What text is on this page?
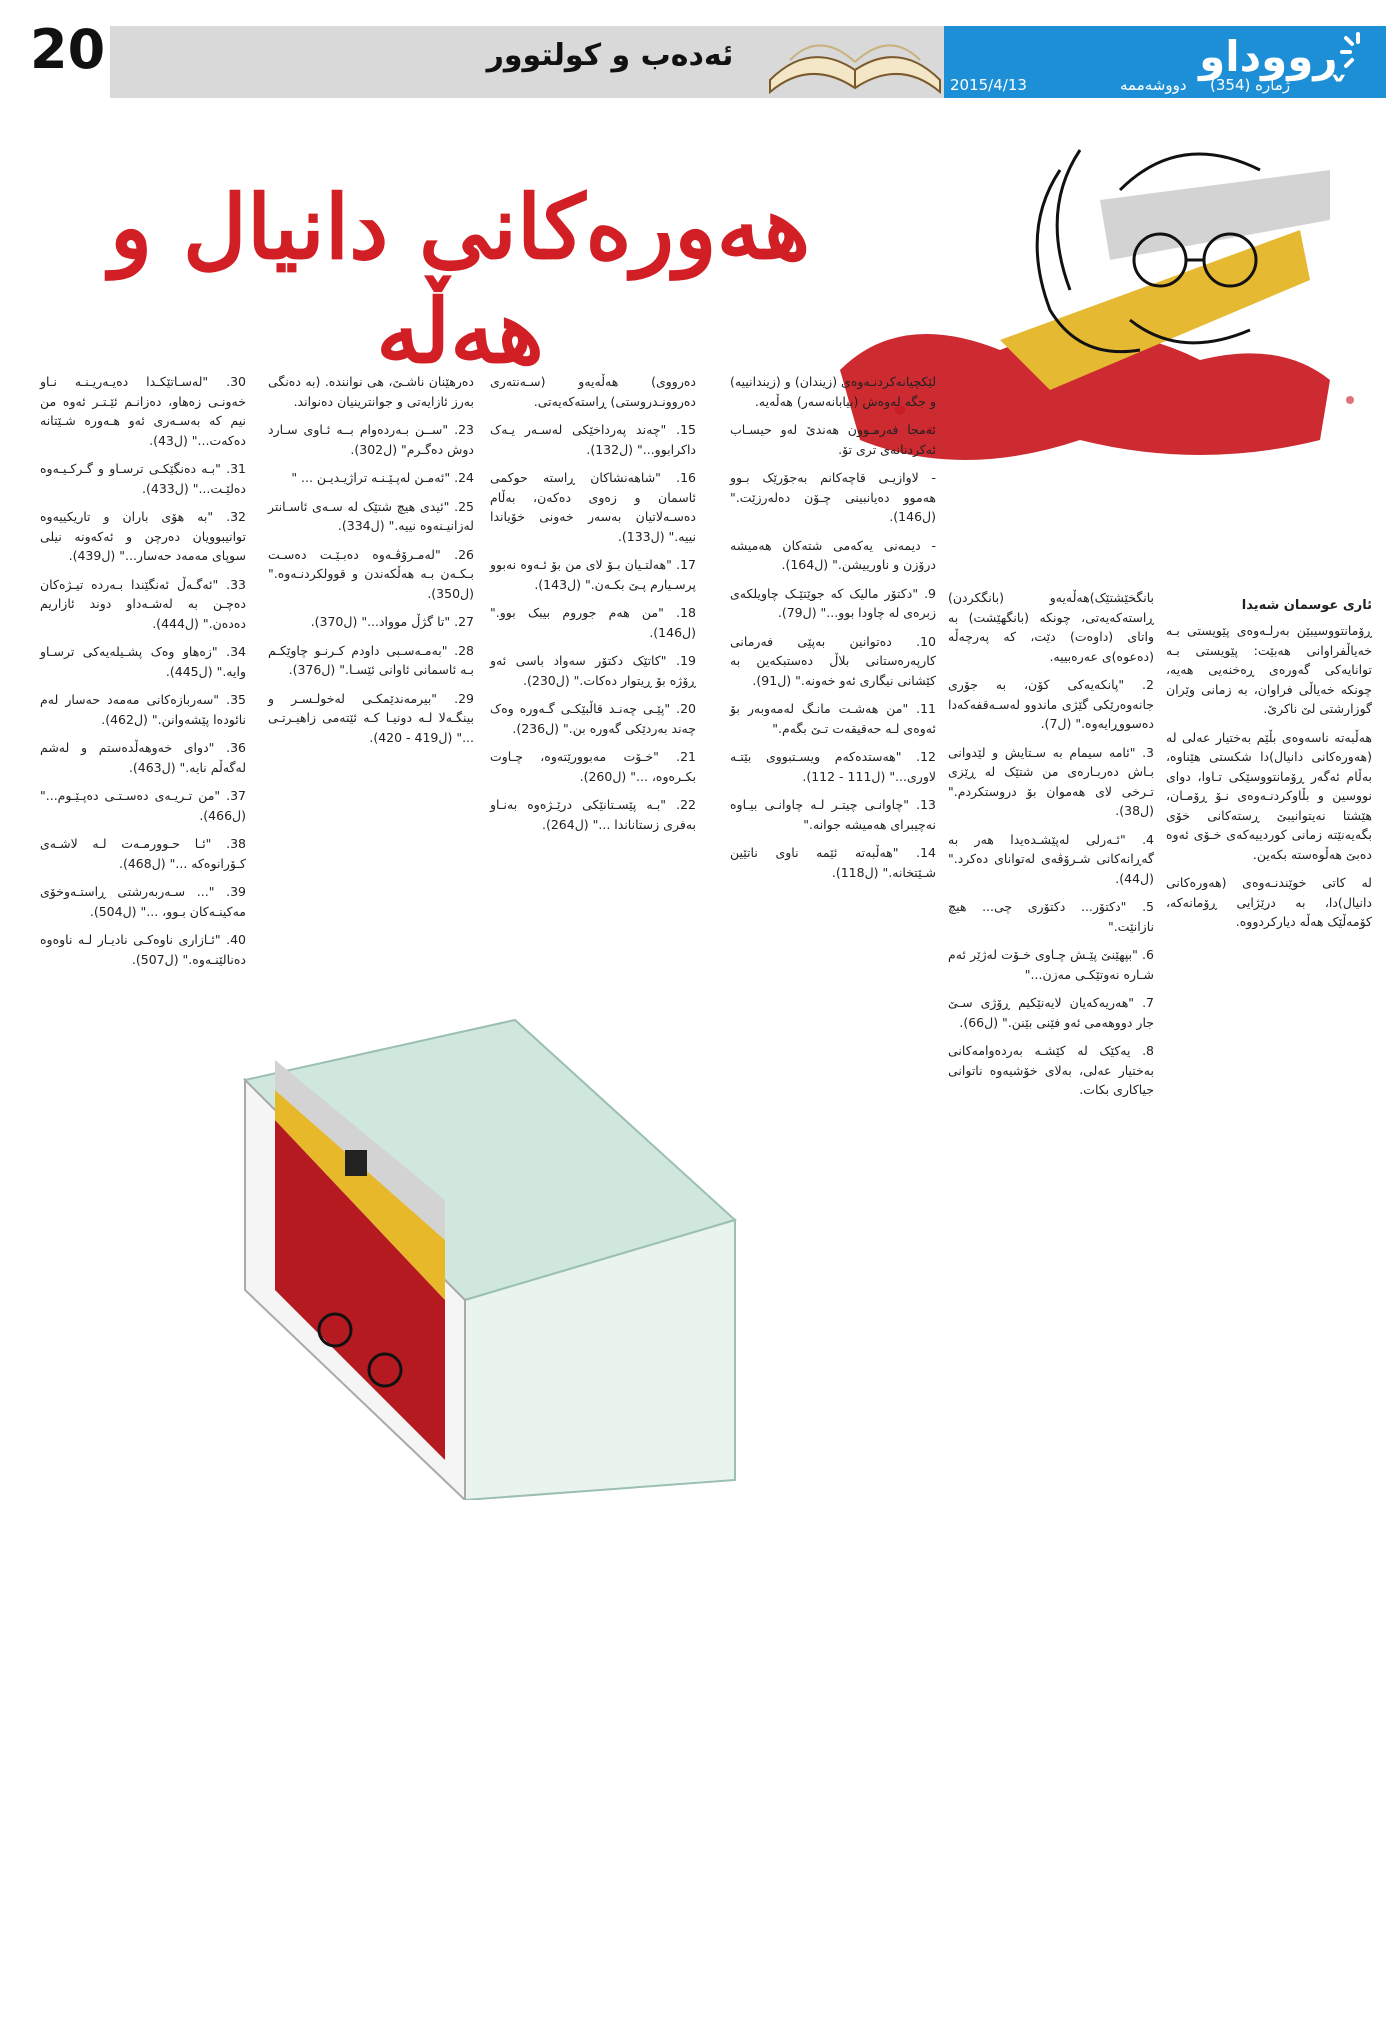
20	ئەدەب و کولتوور	ڕووداو
ژمارە (354)
دووشەممە
2015/4/13
هەورەکانی دانیال و هەڵە
ئاری عوسمان شەیدا

ڕۆمانتووسیبێن بەرلـەوەی پێویستی بـە خەیاڵفراوانی هەبێت: پێویستی بـە توانایەکی گەورەی ڕەخنەیی هەیە، چونکە خەیاڵی فراوان، بە زمانی وێران گوزارشتی لێ ناکرێ.

هەڵبەتە ناسەوەی بڵێم بەختیار عەلی لە (هەورەکانی دانیال)دا شکستی هێناوە، بەڵام ئەگەر ڕۆمانتووسێکی تـاوا، دوای نووسین و بڵاوکردنـەوەی نـۆ ڕۆمـان، هێشتا نەیتوانیبێ ڕستەکانی خۆی بگەیەنێتە زمانی کوردییەکەی خـۆی ئەوە دەبێ هەڵوەستە بکەین.

لە کاتی خوێندنـەوەی (هەورەکانی دانیال)دا، بە درێژایی ڕۆمانەکە، کۆمەڵێک هەڵە دیارکردووە.

بانگخێشتێک)هەڵەیەو (بانگکردن) ڕاستەکەیەتی، چونکە (بانگهێشت) بە واتای (داوەت) دێت، کە پەرچەڵە (دەعوە)ی عەرەبییە.

2. "پانکەیەکی کۆن، بە جۆری جانەوەرێکی گێژی ماندوو لەسـەقفەکەدا دەسووڕایەوە." (ل7).

3. "ئامە سیمام بە سـتایش و لێدوانی بـاش دەربـارەی من شتێک لە ڕێزی تـرخی لای هەموان بۆ دروستکردم." (ل38).

4. "ئـەرلی لەپێشـدەیدا هەر بە گەڕانەکانی شـرۆڤەی لەتوانای دەکرد." (ل44).

5. "دکتۆر... دکتۆری چی... هیچ نازانێت."

6. "بپهێنێ پێـش چـاوی خـۆت لەژێر ئەم شـارە نەوتێکـی مەزن..."

7. "هەریەکەیان لایەنێکیم ڕۆژی سـێ جار دووهەمی ئەو فێنی بێنن." (ل66).

8. یەکێک لە کێشـە بەردەوامەکانی بەختیار عەلی، بەلای خۆشیەوە ناتوانی جیاکاری بکات.

لێکچیانەکردنـەوەی (زیندان) و (زیندانییە) و جگە لەوەش (بیابانەسەر) هەڵەیە.

ئەمجا فەرمـوون هەندێ لەو حیسـاب ئەکردنانەی تری تۆ.

- لاوازیـی قاچەکانم بەجۆرێک بـوو هەموو دەیانبینی چـۆن دەلەرزێت." (ل146).

- دیمەنی یەکەمی شتەکان هەمیشە درۆزن و ناورییشن." (ل164).

9. "دکتۆر مالیک کە جوێتێـک چاویلکەی زبرەی لە چاودا بوو..." (ل79).

10. دەتوانین بەپێی فەرمانی کارپەرەستانی بلاڵ دەستبکەین بە کێشانی نیگاری ئەو خەونە." (ل91).

11. "من هەشـت مانـگ لەمەوبەر بۆ ئەوەی لـە حەقیقەت تـێ بگەم."

12. "هەستدەکەم ویسـتبووی بێتـە لاوری..." (ل111 - 112).

13. "چاوانـی چیتـر لـە چاوانـی بیـاوە نەچیبرای هەمیشە جوانە."

14. "هەڵبەتە ئێمە ناوی ناتێین شـێتخانە." (ل118).

دەرووی) هەڵەیەو (سـەنتەری دەروونـدروستی) ڕاستەکەیەتی.

15. "چەند پەرداخێکی لەسـەر یـەک داکرابوو..." (ل132).

16. "شاهەنشاکان ڕاستە حوکمی ئاسمان و زەوی دەکەن، بەڵام دەسـەلاتیان بەسەر خەونی خۆیاندا نییە." (ل133).

17. "هەلتـیان بـۆ لای من بۆ ئـەوە نەبوو پرسـیارم پـێ بکـەن." (ل143).

18. "من هەم جوروم بیبک بوو." (ل146).

19. "کاتێک دکتۆر سەواد باسی ئەو ڕۆژە بۆ ڕیتوار دەکات." (ل230).

20. "پێـی چەنـد قاڵبێکـی گـەورە وەک چەند بەردێکی گەورە بن." (ل236).

21. "خـۆت مەبوورێتەوە، چـاوت بکـرەوە، ..." (ل260).

22. "بـە پێسـتانێکی درێـژەوە بەنـاو بەفری زستاناندا ..." (ل264).

دەرهێنان ناشـێ، هی نوانندە. (بە دەنگی بەرز ئازایەتی و جوانترینیان دەنواند.

23. "ســن بـەردەوام بــە ئـاوی سـارد دوش دەگـرم" (ل302).

24. "ئەمـن لەپـێـنـە تراژیـدیـن ... "

25. "ئیدی هیچ شتێک لە سـەی ئاسـانتر لەزانیـنەوە نییە." (ل334).

26. "لەمـرۆڤـەوە دەبـێـت دەسـت بـکـەن بـە هەڵکەندن و قوولکردنـەوە." (ل350).

27. "تا گژڵ موواد..." (ل370).

28. "بەمـەسـبی داودم کـرنـو چاوێکـم بـە ئاسمانی ئاوانی ئێسـا." (ل376).

29. "بیرمەندێمکـی لەخولـسـر و بینگـەلا لـە دونیـا کـە ئێتەمی زاهیـرتـی ..." (ل419 - 420).

30. "لەسـاتێکـدا دەیـەریـنـە نـاو خەونـی زەهاو، دەزانـم ئێـتـر ئەوە من نیم کە بەسـەری ئەو هـەورە شـێتانە دەکەت..." (ل43).

31. "بـە دەنگێکـی ترسـاو و گـرکـیـەوە دەلێـت..." (ل433).

32. "بە هۆی باران و تاریکییەوە توانیبوویان دەرچن و ئەکەونە نیلی سوپای مەمەد حەسار..." (ل439).

33. "ئەگـەڵ ئەنگێندا بـەردە تیـژەکان دەچـن بە لەشـەداو دوند ئازاریم دەدەن." (ل444).

34. "زەهاو وەک پشـیلەیەکی ترسـاو وایە." (ل445).

35. "سەربازەکانی مەمەد حەسار لەم نائودەا پێشەوانن." (ل462).

36. "دوای خەوهەڵدەستم و لەشم لەگەڵم نایە." (ل463).

37. "من تـریـەی دەسـتـی دەپـێـوم..." (ل466).

38. "ئـا حـوورمـەت لـە لاشـەی کـۆرانوەکە ..." (ل468).

39. "... سـەربەرشتی ڕاستـەوخۆی مەکینـەکان بـوو، ..." (ل504).

40. "ئـازاری ناوەکـی نادیـار لـە ناوەوە دەنالێنـەوە." (ل507).
